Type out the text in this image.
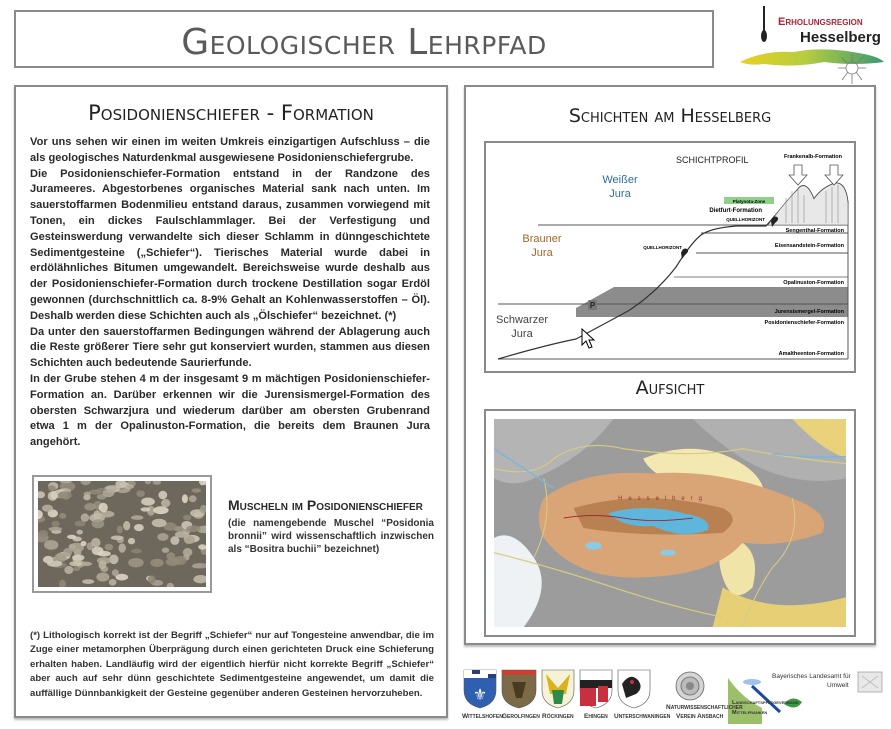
Geologischer Lehrpfad	Erholungsregion
Hesselberg
Posidonienschiefer - Formation

Vor uns sehen wir einen im weiten Umkreis einzigartigen Aufschluss – die als geologisches Naturdenkmal ausgewiesene Posidonienschiefergrube.

Die Posidonienschiefer-Formation entstand in der Randzone des Jurameeres. Abgestorbenes organisches Material sank nach unten. Im sauerstoffarmen Bodenmilieu entstand daraus, zusammen vorwiegend mit Tonen, ein dickes Faulschlammlager. Bei der Verfestigung und Gesteinswerdung verwandelte sich dieser Schlamm in dünngeschichtete Sedimentgesteine („Schiefer“). Tierisches Material wurde dabei in erdölähnliches Bitumen umgewandelt. Bereichsweise wurde deshalb aus der Posidonienschiefer-Formation durch trockene Destillation sogar Erdöl gewonnen (durchschnittlich ca. 8-9% Gehalt an Kohlenwasserstoffen – Öl). Deshalb werden diese Schichten auch als „Ölschiefer“ bezeichnet. (*)

Da unter den sauerstoffarmen Bedingungen während der Ablagerung auch die Reste größerer Tiere sehr gut konserviert wurden, stammen aus diesen Schichten auch bedeutende Saurierfunde.

In der Grube stehen 4 m der insgesamt 9 m mächtigen Posidonienschiefer-Formation an. Darüber erkennen wir die Jurensismergel-Formation des obersten Schwarzjura und wiederum darüber am obersten Grubenrand etwa 1 m der Opalinuston-Formation, die bereits dem Braunen Jura angehört.

Muscheln im Posidonienschiefer
(die namengebende Muschel “Posidonia bronnii” wird wissenschaftlich inzwischen als “Bositra buchii” bezeichnet)
(*) Lithologisch korrekt ist der Begriff „Schiefer“ nur auf Tongesteine anwendbar, die im Zuge einer metamorphen Überprägung durch einen gerichteten Druck eine Schieferung erhalten haben. Landläufig wird der eigentlich hierfür nicht korrekte Begriff „Schiefer“ aber auch auf sehr dünn geschichtete Sedimentgesteine angewendet, um damit die auffällige Dünnbankigkeit der Gesteine gegenüber anderen Gesteinen hervorzuheben.
Schichten am Hesselberg
P
SCHICHTPROFIL
Weißer
Jura
Brauner
Jura
Schwarzer
Jura
Frankenalb-Formation
Platynota-Zone
Dietfurt-Formation
QUELLHORIZONT
QUELLHORIZONT
Sengenthal-Formation
Eisensandstein-Formation
Opalinuston-Formation
Jurensismergel-Formation
Posidonienschiefer-Formation
Amaltheenton-Formation
Aufsicht
Hesselberg
⚜
Wittelshofen Gerolfingen Röckingen Ehingen Unterschwaningen
Naturwissenschaftlicher
Verein Ansbach
Landschaftspflegeverband
Mittelfranken
Bayerisches Landesamt für
Umwelt
